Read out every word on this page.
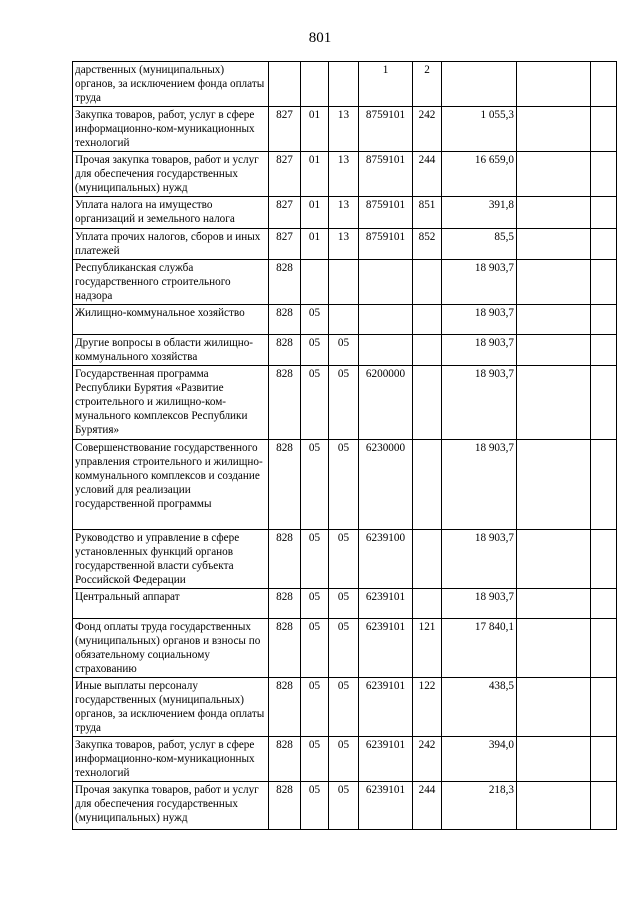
801
дарственных (муниципальных) органов, за исключением фонда оплаты труда				1	2			
Закупка товаров, работ, услуг в сфере информационно-ком-муникационных технологий	827	01	13	8759101	242	1 055,3		
Прочая закупка товаров, работ и услуг для обеспечения государственных (муниципальных) нужд	827	01	13	8759101	244	16 659,0		
Уплата налога на имущество организаций и земельного налога	827	01	13	8759101	851	391,8		
Уплата прочих налогов, сборов и иных платежей	827	01	13	8759101	852	85,5		
Республиканская служба государственного строительного надзора	828					18 903,7		
Жилищно-коммунальное хозяйство	828	05				18 903,7		
Другие вопросы в области жилищно-коммунального хозяйства	828	05	05			18 903,7		
Государственная программа Республики Бурятия «Развитие строительного и жилищно-ком-мунального комплексов Республики Бурятия»	828	05	05	6200000		18 903,7		
Совершенствование государственного управления строительного и жилищно-коммунального комплексов и создание условий для реализации государственной программы	828	05	05	6230000		18 903,7		
Руководство и управление в сфере установленных функций органов государственной власти субъекта Российской Федерации	828	05	05	6239100		18 903,7		
Центральный аппарат	828	05	05	6239101		18 903,7		
Фонд оплаты труда государственных (муниципальных) органов и взносы по обязательному социальному страхованию	828	05	05	6239101	121	17 840,1		
Иные выплаты персоналу государственных (муниципальных) органов, за исключением фонда оплаты труда	828	05	05	6239101	122	438,5		
Закупка товаров, работ, услуг в сфере информационно-ком-муникационных технологий	828	05	05	6239101	242	394,0		
Прочая закупка товаров, работ и услуг для обеспечения государственных (муниципальных) нужд	828	05	05	6239101	244	218,3		
